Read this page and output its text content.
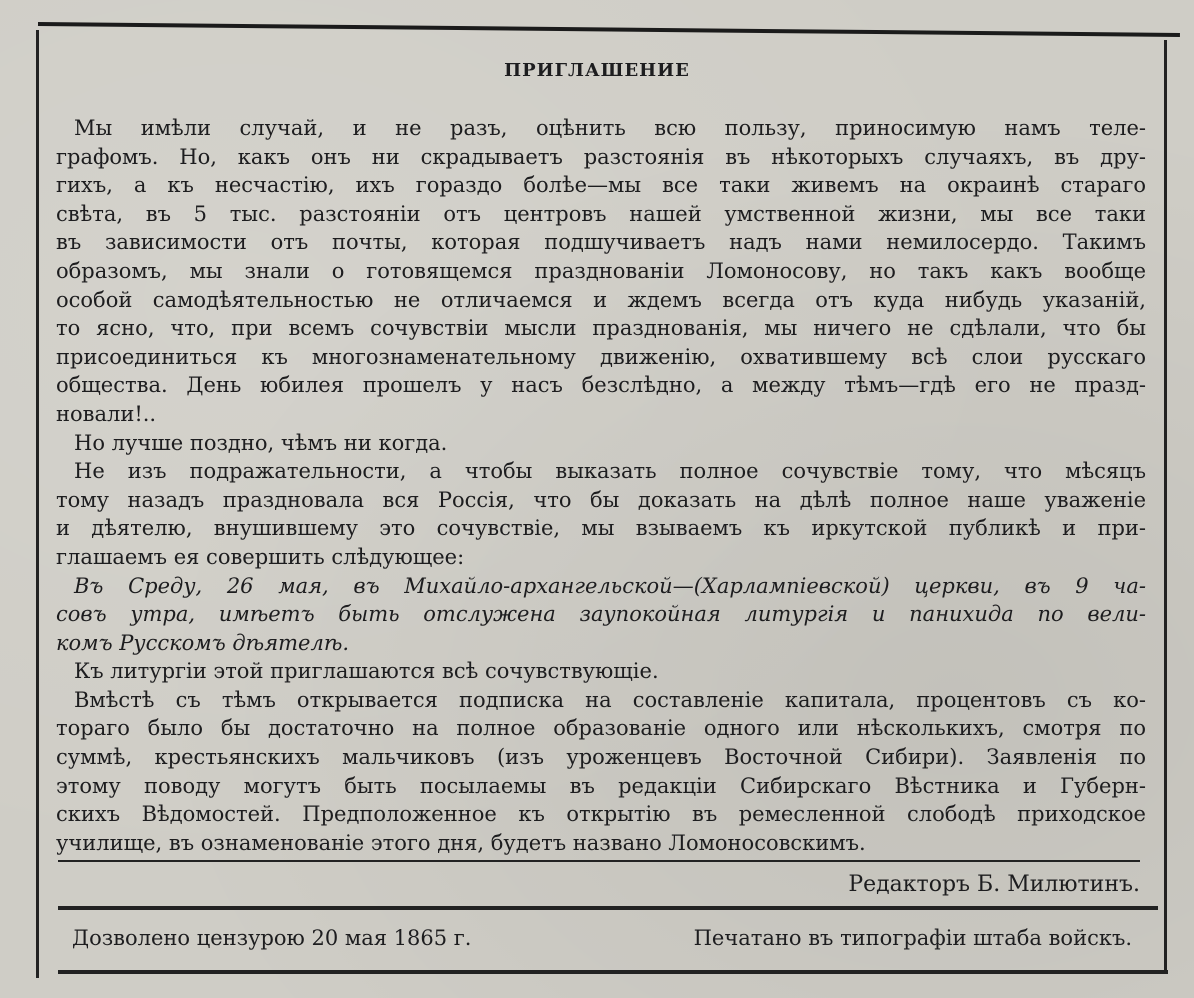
ПРИГЛАШЕНИЕ
Мы имѣли случай, и не разъ, оцѣнить всю пользу, приносимую намъ теле-
графомъ. Но, какъ онъ ни скрадываетъ разстоянія въ нѣкоторыхъ случаяхъ, въ дру-
гихъ, а къ несчастію, ихъ гораздо болѣе—мы все таки живемъ на окраинѣ стараго
свѣта, въ 5 тыс. разстояніи отъ центровъ нашей умственной жизни, мы все таки
въ зависимости отъ почты, которая подшучиваетъ надъ нами немилосердо. Такимъ
образомъ, мы знали о готовящемся празднованіи Ломоносову, но такъ какъ вообще
особой самодѣятельностью не отличаемся и ждемъ всегда отъ куда нибудь указаній,
то ясно, что, при всемъ сочувствіи мысли празднованія, мы ничего не сдѣлали, что бы
присоединиться къ многознаменательному движенію, охватившему всѣ слои русскаго
общества. День юбилея прошелъ у насъ безслѣдно, а между тѣмъ—гдѣ его не празд-
новали!..
Но лучше поздно, чѣмъ ни когда.
Не изъ подражательности, а чтобы выказать полное сочувствіе тому, что мѣсяцъ
тому назадъ праздновала вся Россія, что бы доказать на дѣлѣ полное наше уваженіе
и дѣятелю, внушившему это сочувствіе, мы взываемъ къ иркутской публикѣ и при-
глашаемъ ея совершить слѣдующее:
Въ Среду, 26 мая, въ Михайло-архангельской—(Харлампіевской) церкви, въ 9 ча-
совъ утра, имѣетъ быть отслужена заупокойная литургія и панихида по вели-
комъ Русскомъ дѣятелѣ.
Къ литургіи этой приглашаются всѣ сочувствующіе.
Вмѣстѣ съ тѣмъ открывается подписка на составленіе капитала, процентовъ съ ко-
тораго было бы достаточно на полное образованіе одного или нѣсколькихъ, смотря по
суммѣ, крестьянскихъ мальчиковъ (изъ уроженцевъ Восточной Сибири). Заявленія по
этому поводу могутъ быть посылаемы въ редакціи Сибирскаго Вѣстника и Губерн-
скихъ Вѣдомостей. Предположенное къ открытію въ ремесленной слободѣ приходское
училище, въ ознаменованіе этого дня, будетъ названо Ломоносовскимъ.
Редакторъ Б. Милютинъ.
Дозволено цензурою 20 мая 1865 г.	Печатано въ типографіи штаба войскъ.
